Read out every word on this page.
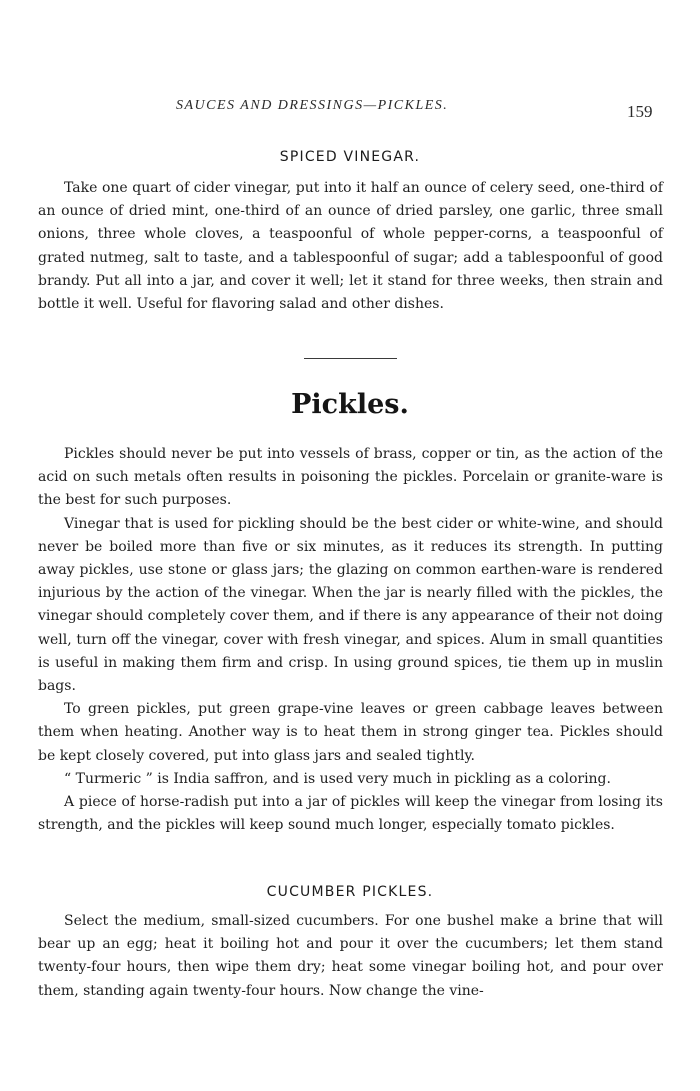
SAUCES AND DRESSINGS—PICKLES.	159
SPICED VINEGAR.

Take one quart of cider vinegar, put into it half an ounce of celery seed, one-third of an ounce of dried mint, one-third of an ounce of dried parsley, one garlic, three small onions, three whole cloves, a teaspoonful of whole pepper-corns, a teaspoonful of grated nutmeg, salt to taste, and a tablespoonful of sugar; add a tablespoonful of good brandy. Put all into a jar, and cover it well; let it stand for three weeks, then strain and bottle it well. Useful for flavoring salad and other dishes.

Pickles.

Pickles should never be put into vessels of brass, copper or tin, as the action of the acid on such metals often results in poisoning the pickles. Porcelain or granite-ware is the best for such purposes.

Vinegar that is used for pickling should be the best cider or white-wine, and should never be boiled more than five or six minutes, as it reduces its strength. In putting away pickles, use stone or glass jars; the glazing on common earthen-ware is rendered injurious by the action of the vinegar. When the jar is nearly filled with the pickles, the vinegar should completely cover them, and if there is any appearance of their not doing well, turn off the vinegar, cover with fresh vinegar, and spices. Alum in small quantities is useful in making them firm and crisp. In using ground spices, tie them up in muslin bags.

To green pickles, put green grape-vine leaves or green cabbage leaves between them when heating. Another way is to heat them in strong ginger tea. Pickles should be kept closely covered, put into glass jars and sealed tightly.

“ Turmeric ” is India saffron, and is used very much in pickling as a coloring.

A piece of horse-radish put into a jar of pickles will keep the vinegar from losing its strength, and the pickles will keep sound much longer, especially tomato pickles.

CUCUMBER PICKLES.

Select the medium, small-sized cucumbers. For one bushel make a brine that will bear up an egg; heat it boiling hot and pour it over the cucumbers; let them stand twenty-four hours, then wipe them dry; heat some vinegar boiling hot, and pour over them, standing again twenty-four hours. Now change the vine-
